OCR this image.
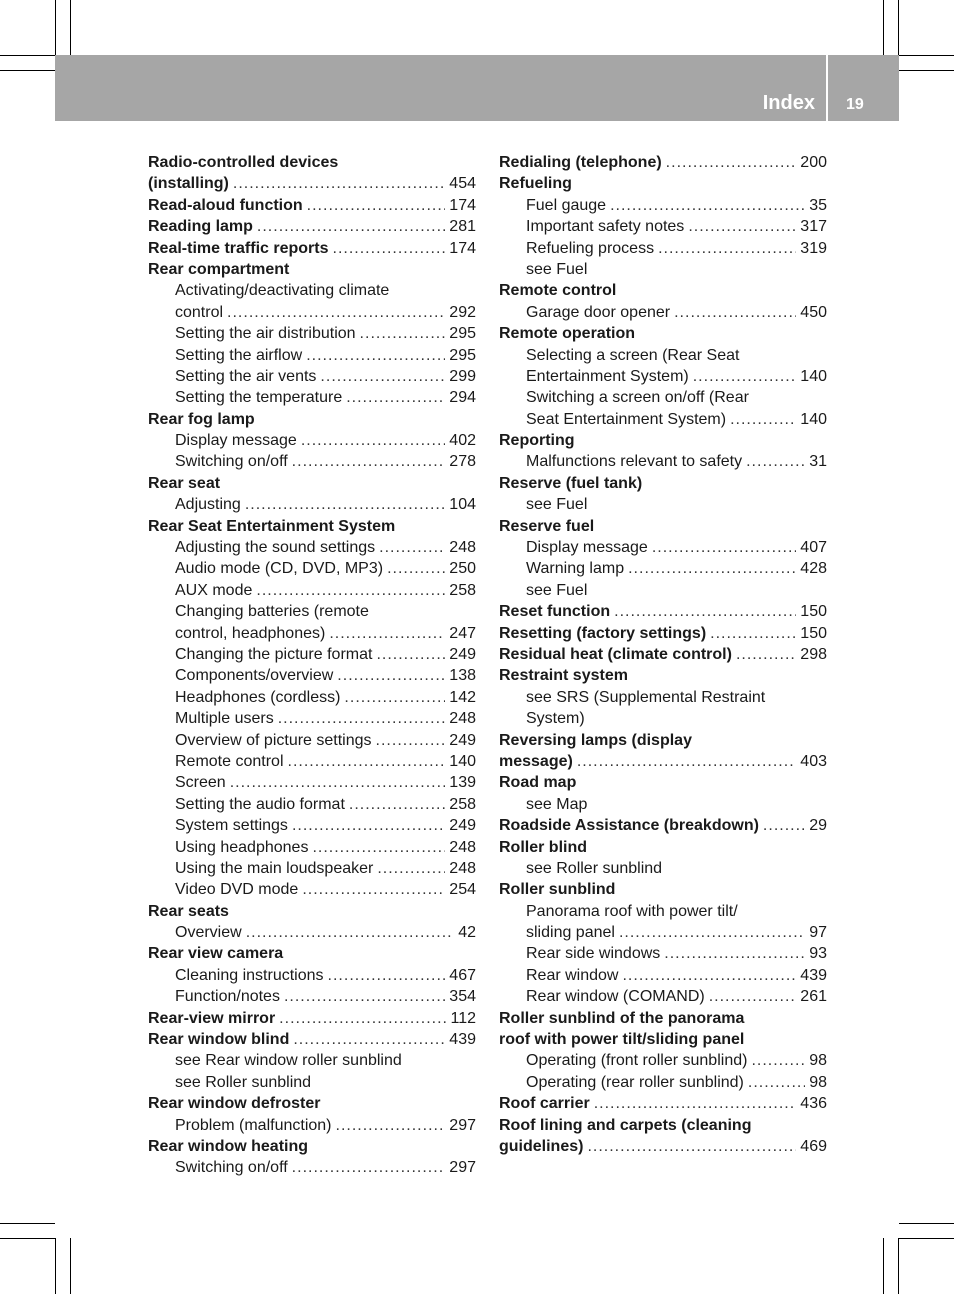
Index 19
Radio-controlled devices
(installing) .....	454
Read-aloud function .....	174
Reading lamp .....	281
Real-time traffic reports .....	174
Rear compartment
Activating/deactivating climate
control .....	292
Setting the air distribution .....	295
Setting the airflow .....	295
Setting the air vents .....	299
Setting the temperature .....	294
Rear fog lamp
Display message .....	402
Switching on/off .....	278
Rear seat
Adjusting .....	104
Rear Seat Entertainment System
Adjusting the sound settings .....	248
Audio mode (CD, DVD, MP3) .....	250
AUX mode .....	258
Changing batteries (remote
control, headphones) .....	247
Changing the picture format .....	249
Components/overview .....	138
Headphones (cordless) .....	142
Multiple users .....	248
Overview of picture settings .....	249
Remote control .....	140
Screen .....	139
Setting the audio format .....	258
System settings .....	249
Using headphones .....	248
Using the main loudspeaker .....	248
Video DVD mode .....	254
Rear seats
Overview .....	42
Rear view camera
Cleaning instructions .....	467
Function/notes .....	354
Rear-view mirror .....	112
Rear window blind .....	439
see Rear window roller sunblind
see Roller sunblind
Rear window defroster
Problem (malfunction) .....	297
Rear window heating
Switching on/off .....	297
Redialing (telephone) .....	200
Refueling
Fuel gauge .....	35
Important safety notes .....	317
Refueling process .....	319
see Fuel
Remote control
Garage door opener .....	450
Remote operation
Selecting a screen (Rear Seat
Entertainment System) .....	140
Switching a screen on/off (Rear
Seat Entertainment System) .....	140
Reporting
Malfunctions relevant to safety .....	31
Reserve (fuel tank)
see Fuel
Reserve fuel
Display message .....	407
Warning lamp .....	428
see Fuel
Reset function .....	150
Resetting (factory settings) .....	150
Residual heat (climate control) .....	298
Restraint system
see SRS (Supplemental Restraint
System)
Reversing lamps (display
message) .....	403
Road map
see Map
Roadside Assistance (breakdown) .....	29
Roller blind
see Roller sunblind
Roller sunblind
Panorama roof with power tilt/
sliding panel .....	97
Rear side windows .....	93
Rear window .....	439
Rear window (COMAND) .....	261
Roller sunblind of the panorama
roof with power tilt/sliding panel
Operating (front roller sunblind) .....	98
Operating (rear roller sunblind) .....	98
Roof carrier .....	436
Roof lining and carpets (cleaning
guidelines) .....	469
